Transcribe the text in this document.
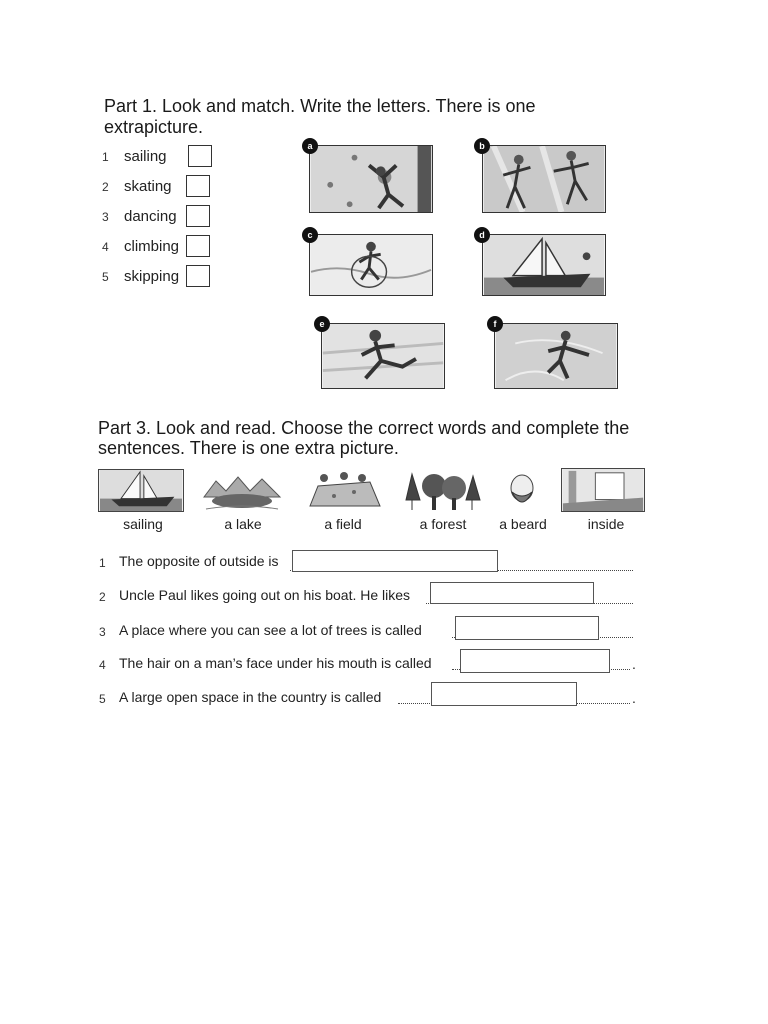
Part 1. Look and match. Write the letters. There is one
extrapicture.
1 sailing
2 skating
3 dancing
4 climbing
5 skipping
a	b
c	d
e	f
Part 3. Look and read. Choose the correct words and complete the
sentences. There is one extra picture.
sailing	a lake	a field	a forest	a beard	inside
1 The opposite of outside is
2 Uncle Paul likes going out on his boat. He likes
3 A place where you can see a lot of trees is called
4 The hair on a man’s face under his mouth is called	.
5 A large open space in the country is called	.
